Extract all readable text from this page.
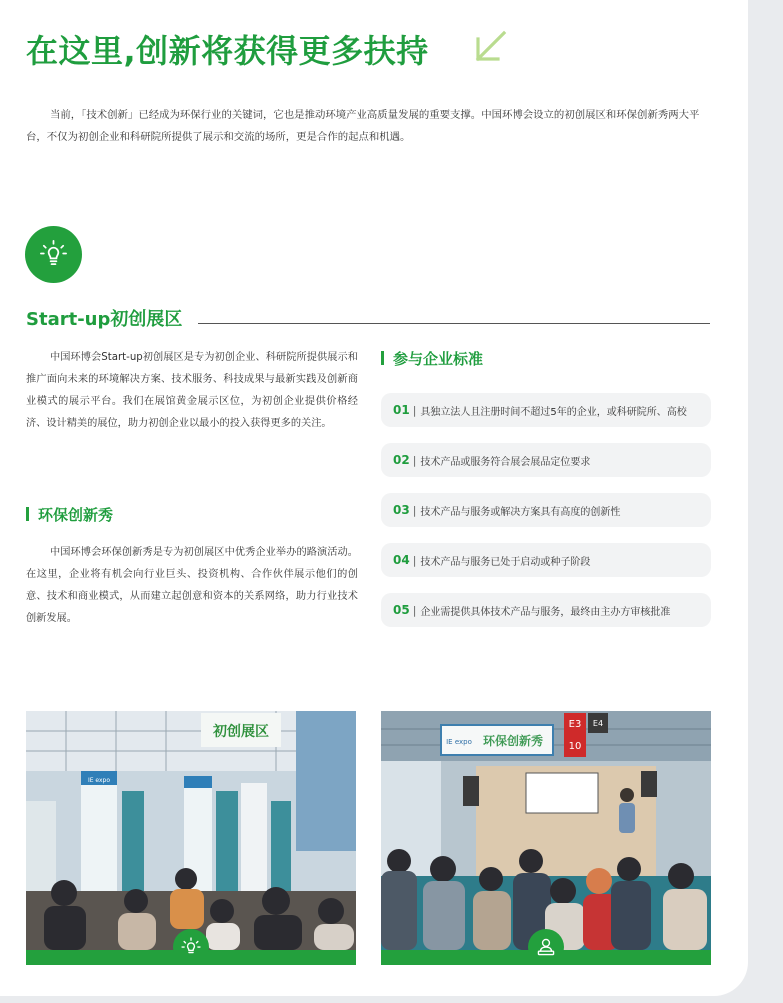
在这里,创新将获得更多扶持

当前，「技术创新」已经成为环保行业的关键词，它也是推动环境产业高质量发展的重要支撑。中国环博会设立的初创展区和环保创新秀两大平台，不仅为初创企业和科研院所提供了展示和交流的场所，更是合作的起点和机遇。

Start-up初创展区

中国环博会Start-up初创展区是专为初创企业、科研院所提供展示和推广面向未来的环境解决方案、技术服务、科技成果与最新实践及创新商业模式的展示平台。我们在展馆黄金展示区位，为初创企业提供价格经济、设计精美的展位，助力初创企业以最小的投入获得更多的关注。

环保创新秀

中国环博会环保创新秀是专为初创展区中优秀企业举办的路演活动。在这里，企业将有机会向行业巨头、投资机构、合作伙伴展示他们的创意、技术和商业模式，从而建立起创意和资本的关系网络，助力行业技术创新发展。

参与企业标准
01 | 具独立法人且注册时间不超过5年的企业，或科研院所、高校
02 | 技术产品或服务符合展会展品定位要求
03 | 技术产品与服务或解决方案具有高度的创新性
04 | 技术产品与服务已处于启动或种子阶段
05 | 企业需提供具体技术产品与服务，最终由主办方审核批准
初创展区
IE expo
E3
10
E4
IE expo 环保创新秀
